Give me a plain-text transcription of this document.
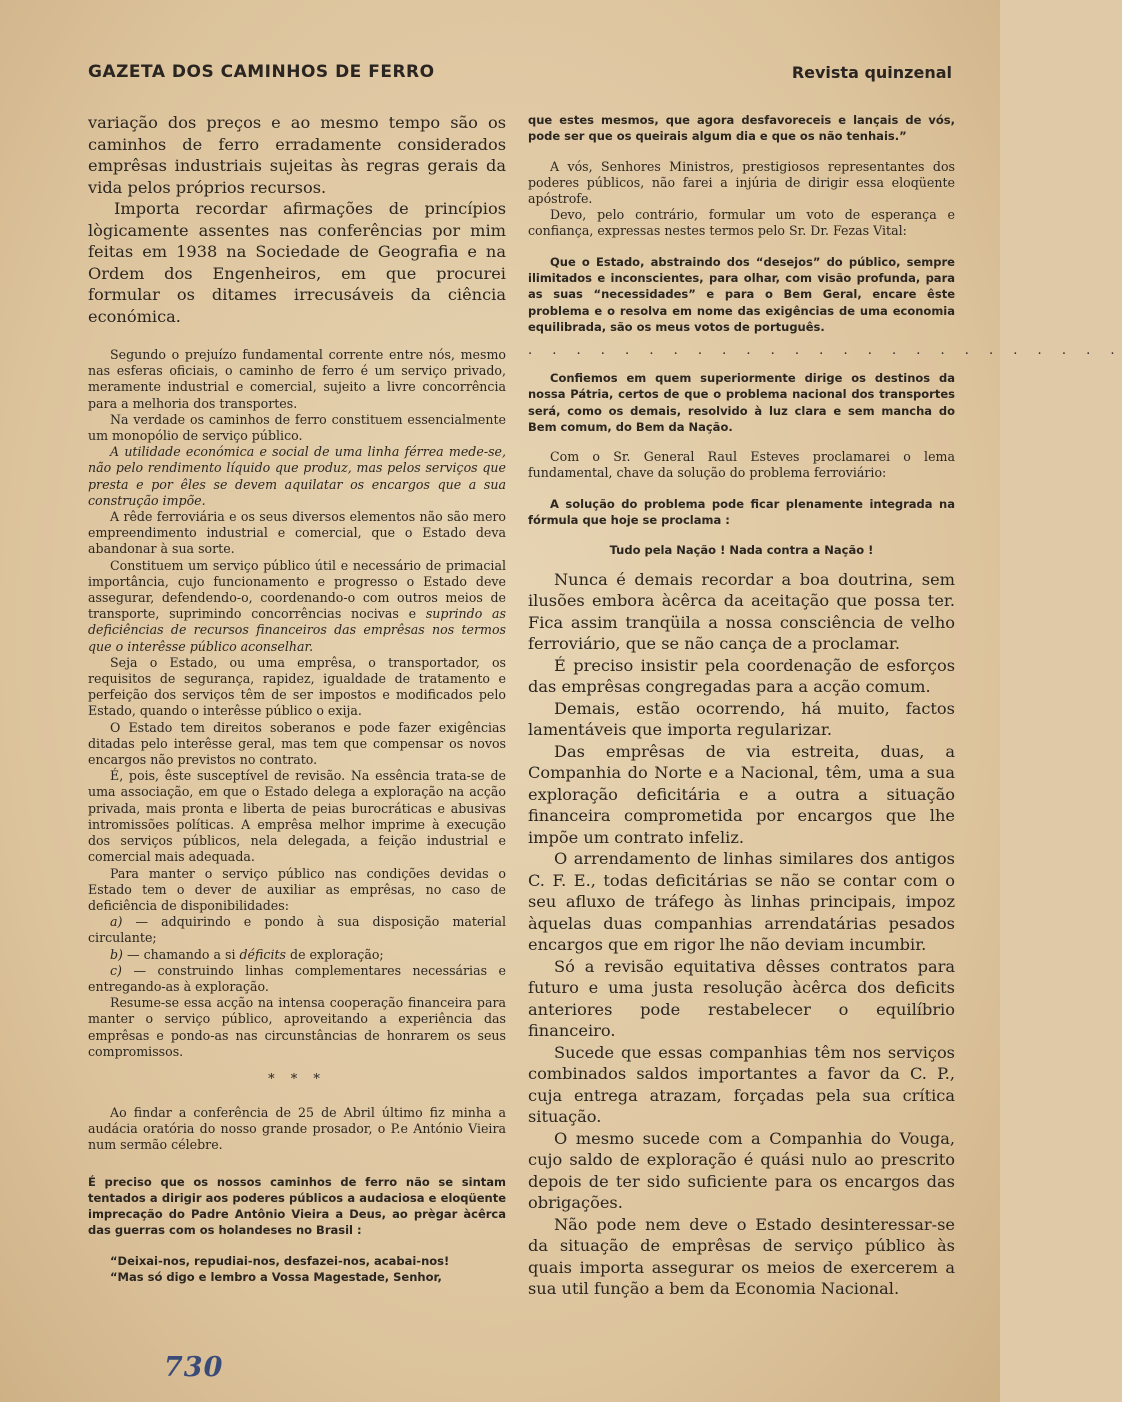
GAZETA DOS CAMINHOS DE FERRO	Revista quinzenal

variação dos preços e ao mesmo tempo são os caminhos de ferro erradamente considerados emprêsas industriais sujeitas às regras gerais da vida pelos próprios recursos.

Importa recordar afirmações de princípios lògicamente assentes nas conferências por mim feitas em 1938 na Sociedade de Geografia e na Ordem dos Engenheiros, em que procurei formular os ditames irrecusáveis da ciência económica.

Segundo o prejuízo fundamental corrente entre nós, mesmo nas esferas oficiais, o caminho de ferro é um serviço privado, meramente industrial e comercial, sujeito a livre concorrência para a melhoria dos transportes.

Na verdade os caminhos de ferro constituem essencialmente um monopólio de serviço público.

A utilidade económica e social de uma linha férrea mede-se, não pelo rendimento líquido que produz, mas pelos serviços que presta e por êles se devem aquilatar os encargos que a sua construção impõe.

A rêde ferroviária e os seus diversos elementos não são mero empreendimento industrial e comercial, que o Estado deva abandonar à sua sorte.

Constituem um serviço público útil e necessário de primacial importância, cujo funcionamento e progresso o Estado deve assegurar, defendendo-o, coordenando-o com outros meios de transporte, suprimindo concorrências nocivas e suprindo as deficiências de recursos financeiros das emprêsas nos termos que o interêsse público aconselhar.

Seja o Estado, ou uma emprêsa, o transportador, os requisitos de segurança, rapidez, igualdade de tratamento e perfeição dos serviços têm de ser impostos e modificados pelo Estado, quando o interêsse público o exija.

O Estado tem direitos soberanos e pode fazer exigências ditadas pelo interêsse geral, mas tem que compensar os novos encargos não previstos no contrato.

É, pois, êste susceptível de revisão. Na essência trata-se de uma associação, em que o Estado delega a exploração na acção privada, mais pronta e liberta de peias burocráticas e abusivas intromissões políticas. A emprêsa melhor imprime à execução dos serviços públicos, nela delegada, a feição industrial e comercial mais adequada.

Para manter o serviço público nas condições devidas o Estado tem o dever de auxiliar as emprêsas, no caso de deficiência de disponibilidades:

a) — adquirindo e pondo à sua disposição material circulante;

b) — chamando a si déficits de exploração;

c) — construindo linhas complementares necessárias e entregando-as à exploração.

Resume-se essa acção na intensa cooperação financeira para manter o serviço público, aproveitando a experiência das emprêsas e pondo-as nas circunstâncias de honrarem os seus compromissos.

* * *

Ao findar a conferência de 25 de Abril último fiz minha a audácia oratória do nosso grande prosador, o P.e António Vieira num sermão célebre.

É preciso que os nossos caminhos de ferro não se sintam tentados a dirigir aos poderes públicos a audaciosa e eloqüente imprecação do Padre Antônio Vieira a Deus, ao prègar àcêrca das guerras com os holandeses no Brasil :

“Deixai-nos, repudiai-nos, desfazei-nos, acabai-nos!

“Mas só digo e lembro a Vossa Magestade, Senhor,

que estes mesmos, que agora desfavoreceis e lançais de vós, pode ser que os queirais algum dia e que os não tenhais.”

A vós, Senhores Ministros, prestigiosos representantes dos poderes públicos, não farei a injúria de dirigir essa eloqüente apóstrofe.

Devo, pelo contrário, formular um voto de esperança e confiança, expressas nestes termos pelo Sr. Dr. Fezas Vital:

Que o Estado, abstraindo dos “desejos” do público, sempre ilimitados e inconscientes, para olhar, com visão profunda, para as suas “necessidades” e para o Bem Geral, encare êste problema e o resolva em nome das exigências de uma economia equilibrada, são os meus votos de português.

. . . . . . . . . . . . . . . . . . . . . . . . .

Confiemos em quem superiormente dirige os destinos da nossa Pátria, certos de que o problema nacional dos transportes será, como os demais, resolvido à luz clara e sem mancha do Bem comum, do Bem da Nação.

Com o Sr. General Raul Esteves proclamarei o lema fundamental, chave da solução do problema ferroviário:

A solução do problema pode ficar plenamente integrada na fórmula que hoje se proclama :

Tudo pela Nação ! Nada contra a Nação !

Nunca é demais recordar a boa doutrina, sem ilusões embora àcêrca da aceitação que possa ter. Fica assim tranqüila a nossa consciência de velho ferroviário, que se não cança de a proclamar.

É preciso insistir pela coordenação de esforços das emprêsas congregadas para a acção comum.

Demais, estão ocorrendo, há muito, factos lamentáveis que importa regularizar.

Das emprêsas de via estreita, duas, a Companhia do Norte e a Nacional, têm, uma a sua exploração deficitária e a outra a situação financeira comprometida por encargos que lhe impõe um contrato infeliz.

O arrendamento de linhas similares dos antigos C. F. E., todas deficitárias se não se contar com o seu afluxo de tráfego às linhas principais, impoz àquelas duas companhias arrendatárias pesados encargos que em rigor lhe não deviam incumbir.

Só a revisão equitativa dêsses contratos para futuro e uma justa resolução àcêrca dos deficits anteriores pode restabelecer o equilíbrio financeiro.

Sucede que essas companhias têm nos serviços combinados saldos importantes a favor da C. P., cuja entrega atrazam, forçadas pela sua crítica situação.

O mesmo sucede com a Companhia do Vouga, cujo saldo de exploração é quási nulo ao prescrito depois de ter sido suficiente para os encargos das obrigações.

Não pode nem deve o Estado desinteressar-se da situação de emprêsas de serviço público às quais importa assegurar os meios de exercerem a sua util função a bem da Economia Nacional.

730
